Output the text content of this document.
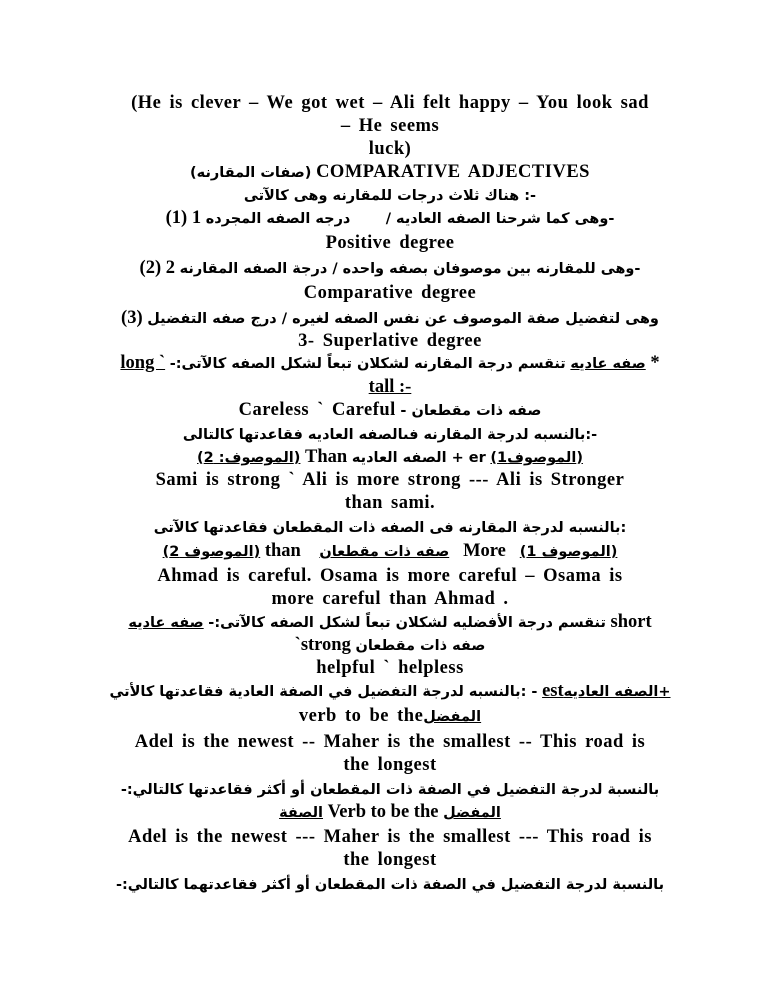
(He is clever – We got wet – Ali felt happy – You look sad
– He seems
luck)
(صفات المقارنه) COMPARATIVE ADJECTIVES
-: هناك ثلاث درجات للمقارنه وهى كالآتى
(1) 1 -وهى كما شرحنا الصفه العاديه /       درجه الصفه المجرده
Positive degree
(2) 2 -وهى للمقارنه بين موصوفان بصفه واحده / درجة الصفه المقارنه
Comparative degree
(3) وهى لتفضيل صفة الموصوف عن نفس الصفه لغيره / درج صفه التفضيل
3- Superlative degree
long ` تنقسم درجة المقارنه لشكلان تبعاً لشكل الصفه كالآتى:- صفه عاديه *
tall :-
Careless ` Careful صفه ذات مقطعان -
-:بالنسبه لدرجة المقارنه فىالصفه العاديه فقاعدتها كالتالى
(الموصوف: 2) Than الصفه العاديه + er (الموصوف1)
Sami is strong ` Ali is more strong --- Ali is Stronger
than sami.
:بالنسبه لدرجة المقارنه فى الصفه ذات المقطعان فقاعدتها كالآتى
(الموصوف 2) than صفه ذات مقطعان More (الموصوف 1)
Ahmad is careful. Osama is more careful – Osama is
more careful than Ahmad .
صفه عاديه تنقسم درجة الأفضليه لشكلان تبعاً لشكل الصفه كالآتى:- short
`strong صفه ذات مقطعان
helpful ` helpless
- :بالنسبه لدرجة التفضيل في الصفة العادية فقاعدتها كالأتي estالصفه العاديه+
verb to be theالمفضل
Adel is the newest -- Maher is the smallest -- This road is
the longest
بالنسبة لدرجة التفضيل في الصفة ذات المقطعان أو أكثر فقاعدتها كالتالي:-
الصفة Verb to be the المفضل
Adel is the newest --- Maher is the smallest --- This road is
the longest
بالنسبة لدرجة التفضيل في الصفة ذات المقطعان أو أكثر فقاعدتهما كالتالي:-
